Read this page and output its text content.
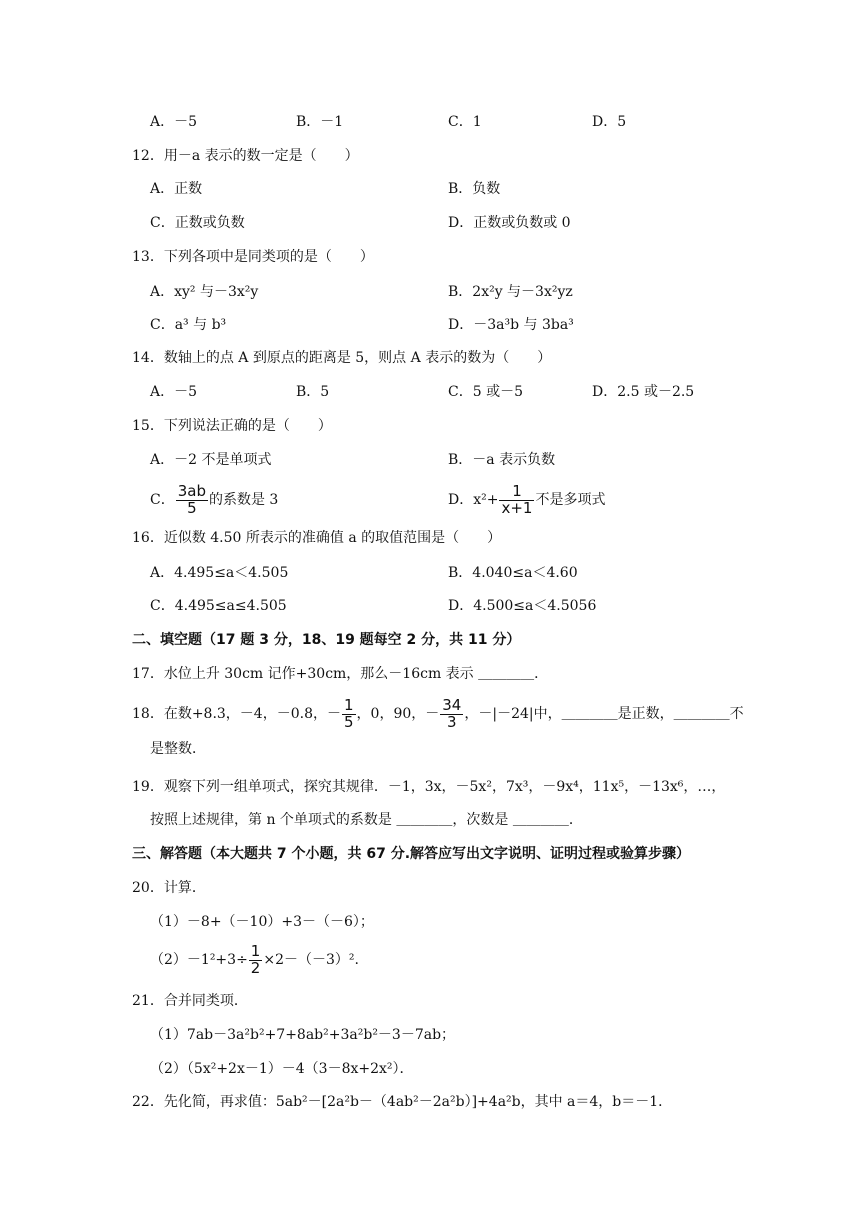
A．－5	B．－1	C．1	D．5
12．用－a 表示的数一定是（　　）
A．正数	B．负数
C．正数或负数	D．正数或负数或 0
13．下列各项中是同类项的是（　　）
A．xy² 与－3x²y	B．2x²y 与－3x²yz
C．a³ 与 b³	D．－3a³b 与 3ba³
14．数轴上的点 A 到原点的距离是 5，则点 A 表示的数为（　　）
A．－5	B．5	C．5 或－5	D．2.5 或－2.5
15．下列说法正确的是（　　）
A．－2 不是单项式	B．－a 表示负数
C． $\frac{3ab}{5}$ 的系数是 3	D．$x^2+ \frac{1}{x+1}$ 不是多项式
16．近似数 4.50 所表示的准确值 a 的取值范围是（　　）
A．4.495≤a＜4.505	B．4.040≤a＜4.60
C．4.495≤a≤4.505	D．4.500≤a＜4.5056
二、填空题（17 题 3 分，18、19 题每空 2 分，共 11 分）
17．水位上升 30cm 记作+30cm，那么－16cm 表示 ＿＿＿＿．
18．在数+8.3，－4，－0.8，－ $\frac{1}{5}$ ，0，90，－ $\frac{34}{3}$ ，－|－24|中，＿＿＿＿是正数，＿＿＿＿不
是整数．
19．观察下列一组单项式，探究其规律．－1，3x，－5x²，7x³，－9x⁴，11x⁵，－13x⁶，…，
按照上述规律，第 n 个单项式的系数是 ＿＿＿＿，次数是 ＿＿＿＿．
三、解答题（本大题共 7 个小题，共 67 分.解答应写出文字说明、证明过程或验算步骤）
20．计算．
（1）－8+（－10）+3－（－6）；
$(2)-1^2+3\div \frac{1}{2} \times 2-(-3)^2$.
21．合并同类项．
（1）7ab－3a²b²+7+8ab²+3a²b²－3－7ab；
（2）（5x²+2x－1）－4（3－8x+2x²）．
22．先化简，再求值：5ab²－[2a²b－（4ab²－2a²b）]+4a²b，其中 a＝4，b＝－1．
